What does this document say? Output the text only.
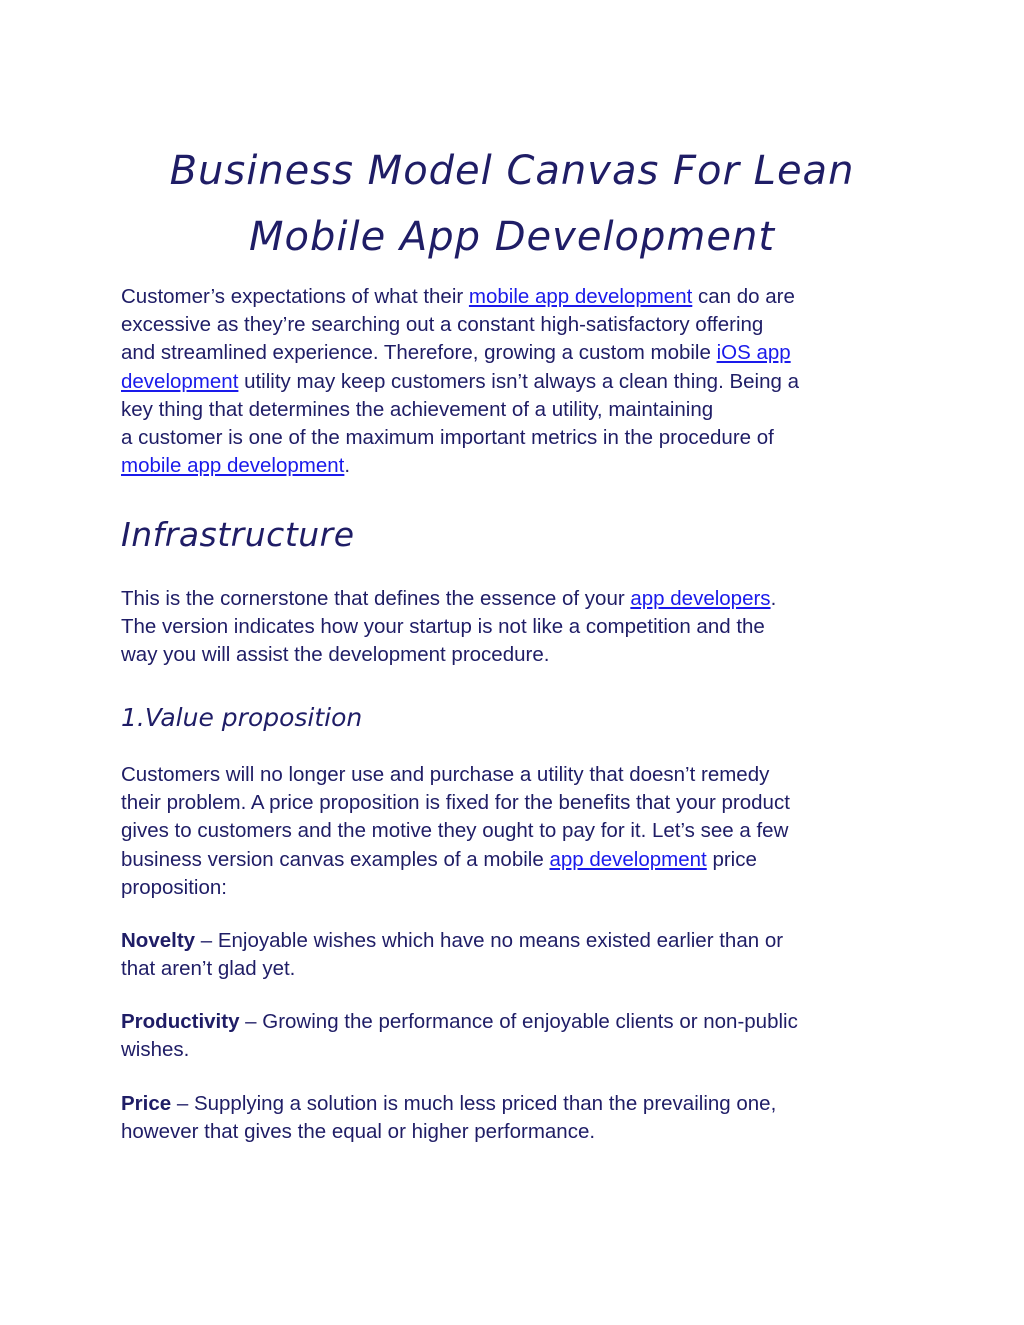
Business Model Canvas For Lean
Mobile App Development

Customer’s expectations of what their mobile app development can do are
excessive as they’re searching out a constant high-satisfactory offering
and streamlined experience. Therefore, growing a custom mobile iOS app
development utility may keep customers isn’t always a clean thing. Being a
key thing that determines the achievement of a utility, maintaining
a customer is one of the maximum important metrics in the procedure of
mobile app development.

Infrastructure

This is the cornerstone that defines the essence of your app developers.
The version indicates how your startup is not like a competition and the
way you will assist the development procedure.

1.Value proposition

Customers will no longer use and purchase a utility that doesn’t remedy
their problem. A price proposition is fixed for the benefits that your product
gives to customers and the motive they ought to pay for it. Let’s see a few
business version canvas examples of a mobile app development price
proposition:

Novelty – Enjoyable wishes which have no means existed earlier than or
that aren’t glad yet.

Productivity – Growing the performance of enjoyable clients or non-public
wishes.

Price – Supplying a solution is much less priced than the prevailing one,
however that gives the equal or higher performance.
